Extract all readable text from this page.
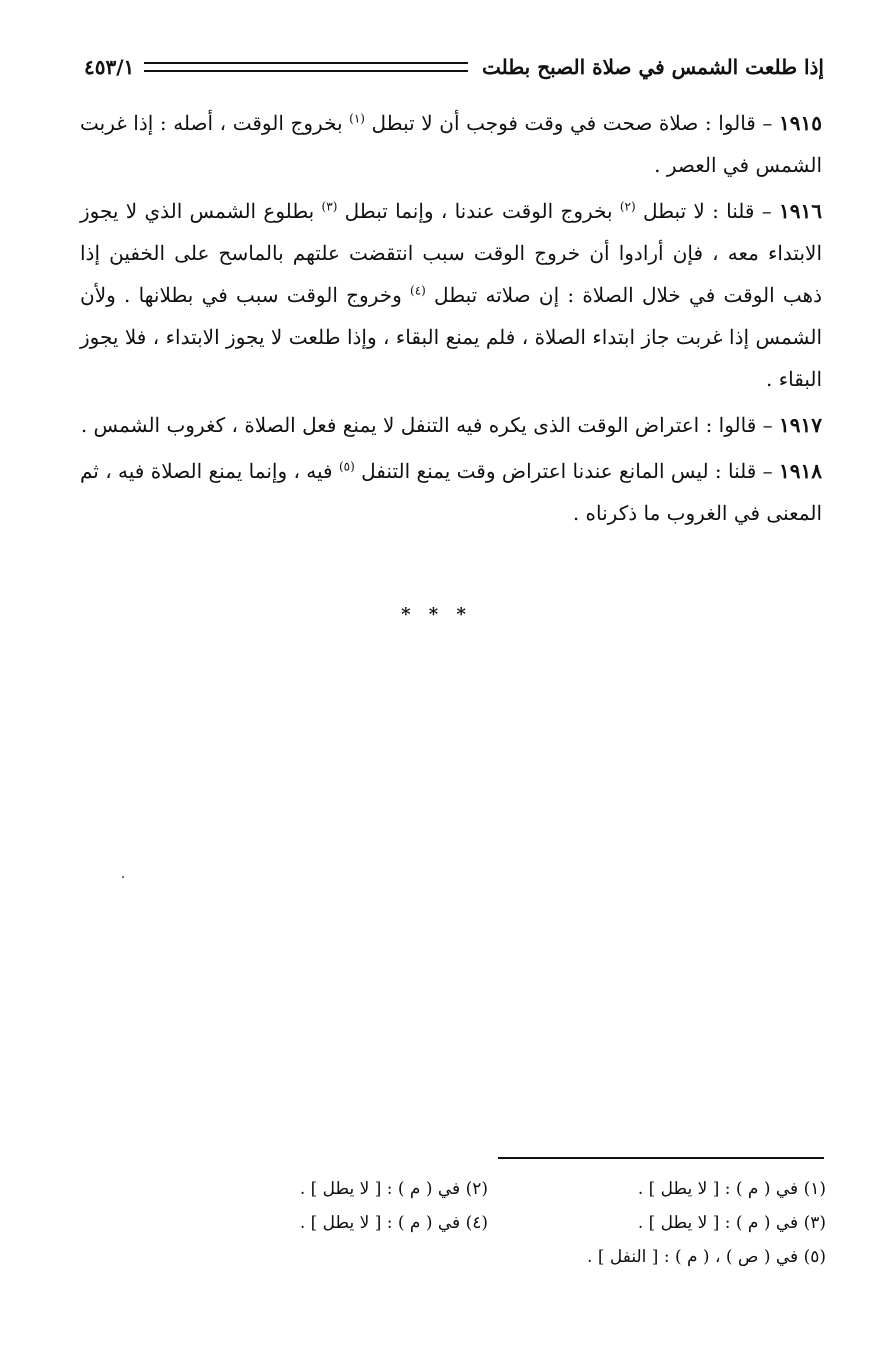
إذا طلعت الشمس في صلاة الصبح بطلت
٤٥٣/١

١٩١٥ – قالوا : صلاة صحت في وقت فوجب أن لا تبطل $^{(١)}$ بخروج الوقت ، أصله : إذا غربت الشمس في العصر .

١٩١٦ – قلنا : لا تبطل $^{(٢)}$ بخروج الوقت عندنا ، وإنما تبطل $^{(٣)}$ بطلوع الشمس الذي لا يجوز الابتداء معه ، فإن أرادوا أن خروج الوقت سبب انتقضت علتهم بالماسح على الخفين إذا ذهب الوقت في خلال الصلاة : إن صلاته تبطل $^{(٤)}$ وخروج الوقت سبب في بطلانها . ولأن الشمس إذا غربت جاز ابتداء الصلاة ، فلم يمنع البقاء ، وإذا طلعت لا يجوز الابتداء ، فلا يجوز البقاء .

١٩١٧ – قالوا : اعتراض الوقت الذى يكره فيه التنفل لا يمنع فعل الصلاة ، كغروب الشمس .

١٩١٨ – قلنا : ليس المانع عندنا اعتراض وقت يمنع التنفل $^{(٥)}$ فيه ، وإنما يمنع الصلاة فيه ، ثم المعنى في الغروب ما ذكرناه .

* * *
(١) في ( م ) : [ لا يطل ] .
(٢) في ( م ) : [ لا يطل ] .
(٣) في ( م ) : [ لا يطل ] .
(٤) في ( م ) : [ لا يطل ] .
(٥) في ( ص ) ، ( م ) : [ النفل ] .
